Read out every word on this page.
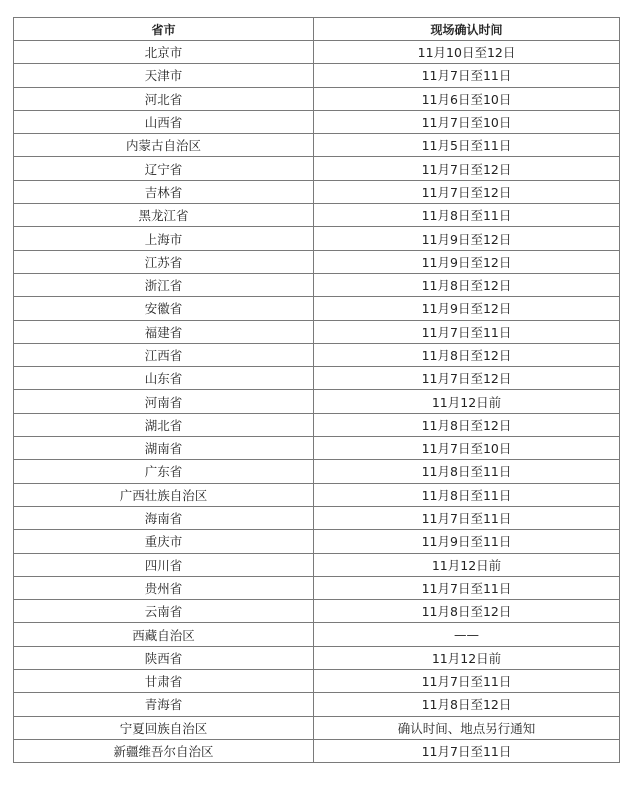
省市	现场确认时间
北京市	11月10日至12日
天津市	11月7日至11日
河北省	11月6日至10日
山西省	11月7日至10日
内蒙古自治区	11月5日至11日
辽宁省	11月7日至12日
吉林省	11月7日至12日
黑龙江省	11月8日至11日
上海市	11月9日至12日
江苏省	11月9日至12日
浙江省	11月8日至12日
安徽省	11月9日至12日
福建省	11月7日至11日
江西省	11月8日至12日
山东省	11月7日至12日
河南省	11月12日前
湖北省	11月8日至12日
湖南省	11月7日至10日
广东省	11月8日至11日
广西壮族自治区	11月8日至11日
海南省	11月7日至11日
重庆市	11月9日至11日
四川省	11月12日前
贵州省	11月7日至11日
云南省	11月8日至12日
西藏自治区	——
陕西省	11月12日前
甘肃省	11月7日至11日
青海省	11月8日至12日
宁夏回族自治区	确认时间、地点另行通知
新疆维吾尔自治区	11月7日至11日
